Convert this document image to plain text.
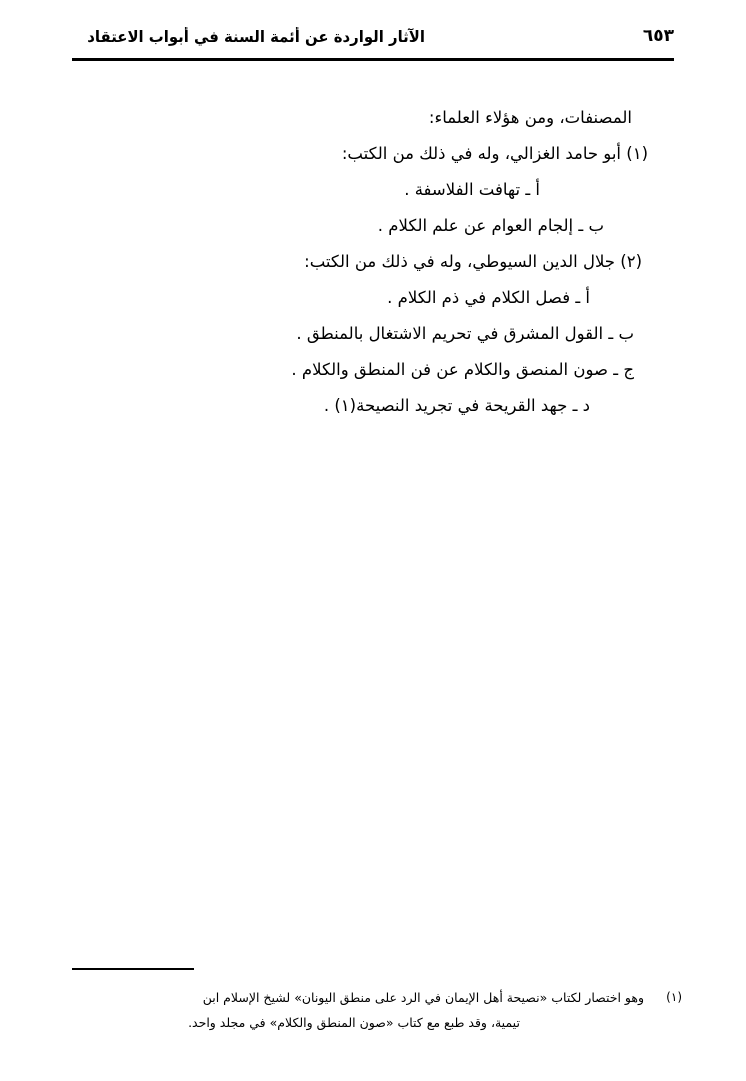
الآثار الواردة عن أئمة السنة في أبواب الاعتقاد	٦٥٣
المصنفات، ومن هؤلاء العلماء:
(١) أبو حامد الغزالي، وله في ذلك من الكتب:
أ ـ تهافت الفلاسفة .
ب ـ إلجام العوام عن علم الكلام .
(٢) جلال الدين السيوطي، وله في ذلك من الكتب:
أ ـ فصل الكلام في ذم الكلام .
ب ـ القول المشرق في تحريم الاشتغال بالمنطق .
ج ـ صون المنصق والكلام عن فن المنطق والكلام .
د ـ جهد القريحة في تجريد النصيحة(١) .
(١)
وهو اختصار لكتاب «نصيحة أهل الإيمان في الرد على منطق اليونان» لشيخ الإسلام ابن
تيمية، وقد طبع مع كتاب «صون المنطق والكلام» في مجلد واحد.
